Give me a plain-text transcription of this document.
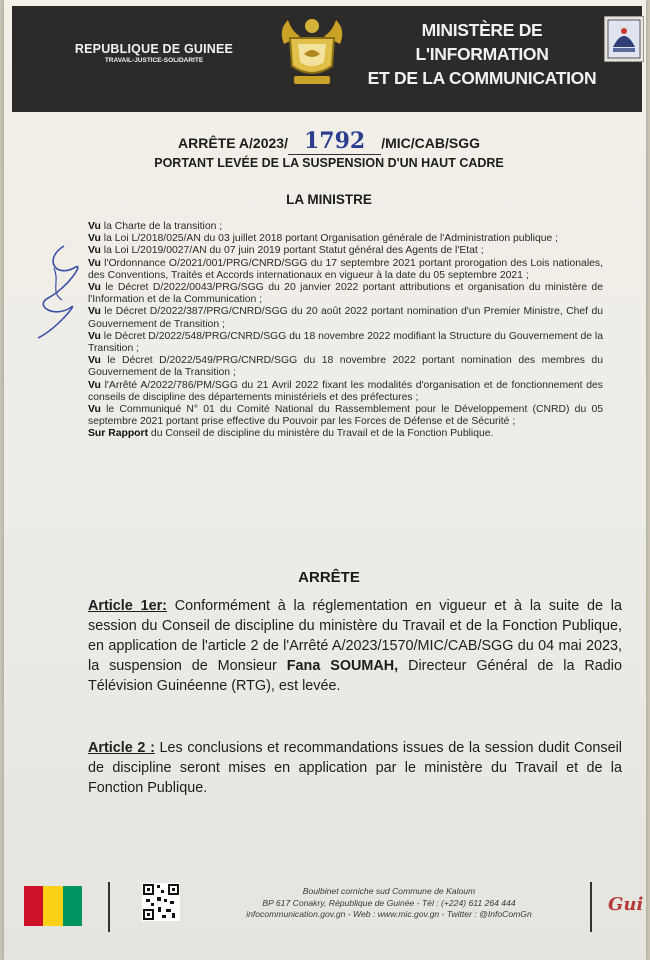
REPUBLIQUE DE GUINEE
TRAVAIL-JUSTICE-SOLIDARITE
MINISTÈRE DE L'INFORMATION
ET DE LA COMMUNICATION
ARRÊTE A/2023/ 1792 /MIC/CAB/SGG
PORTANT LEVÉE DE LA SUSPENSION D'UN HAUT CADRE
LA MINISTRE

Vu la Charte de la transition ;

Vu la Loi L/2018/025/AN du 03 juillet 2018 portant Organisation générale de l'Administration publique ;

Vu la Loi L/2019/0027/AN du 07 juin 2019 portant Statut général des Agents de l'Etat ;

Vu l'Ordonnance O/2021/001/PRG/CNRD/SGG du 17 septembre 2021 portant prorogation des Lois nationales, des Conventions, Traités et Accords internationaux en vigueur à la date du 05 septembre 2021 ;

Vu le Décret D/2022/0043/PRG/SGG du 20 janvier 2022 portant attributions et organisation du ministère de l'Information et de la Communication ;

Vu le Décret D/2022/387/PRG/CNRD/SGG du 20 août 2022 portant nomination d'un Premier Ministre, Chef du Gouvernement de Transition ;

Vu le Décret D/2022/548/PRG/CNRD/SGG du 18 novembre 2022 modifiant la Structure du Gouvernement de la Transition ;

Vu le Décret D/2022/549/PRG/CNRD/SGG du 18 novembre 2022 portant nomination des membres du Gouvernement de la Transition ;

Vu l'Arrêté A/2022/786/PM/SGG du 21 Avril 2022 fixant les modalités d'organisation et de fonctionnement des conseils de discipline des départements ministériels et des préfectures ;

Vu le Communiqué N° 01 du Comité National du Rassemblement pour le Développement (CNRD) du 05 septembre 2021 portant prise effective du Pouvoir par les Forces de Défense et de Sécurité ;

Sur Rapport du Conseil de discipline du ministère du Travail et de la Fonction Publique.

ARRÊTE
Article 1er: Conformément à la réglementation en vigueur et à la suite de la session du Conseil de discipline du ministère du Travail et de la Fonction Publique, en application de l'article 2 de l'Arrêté A/2023/1570/MIC/CAB/SGG du 04 mai 2023, la suspension de Monsieur Fana SOUMAH, Directeur Général de la Radio Télévision Guinéenne (RTG), est levée.
Article 2 : Les conclusions et recommandations issues de la session dudit Conseil de discipline seront mises en application par le ministère du Travail et de la Fonction Publique.
Boulbinet corniche sud Commune de Kaloum
BP 617 Conakry, République de Guinée - Tél : (+224) 611 264 444
infocommunication.gov.gn - Web : www.mic.gov.gn - Twitter : @InfoComGn	Gui
